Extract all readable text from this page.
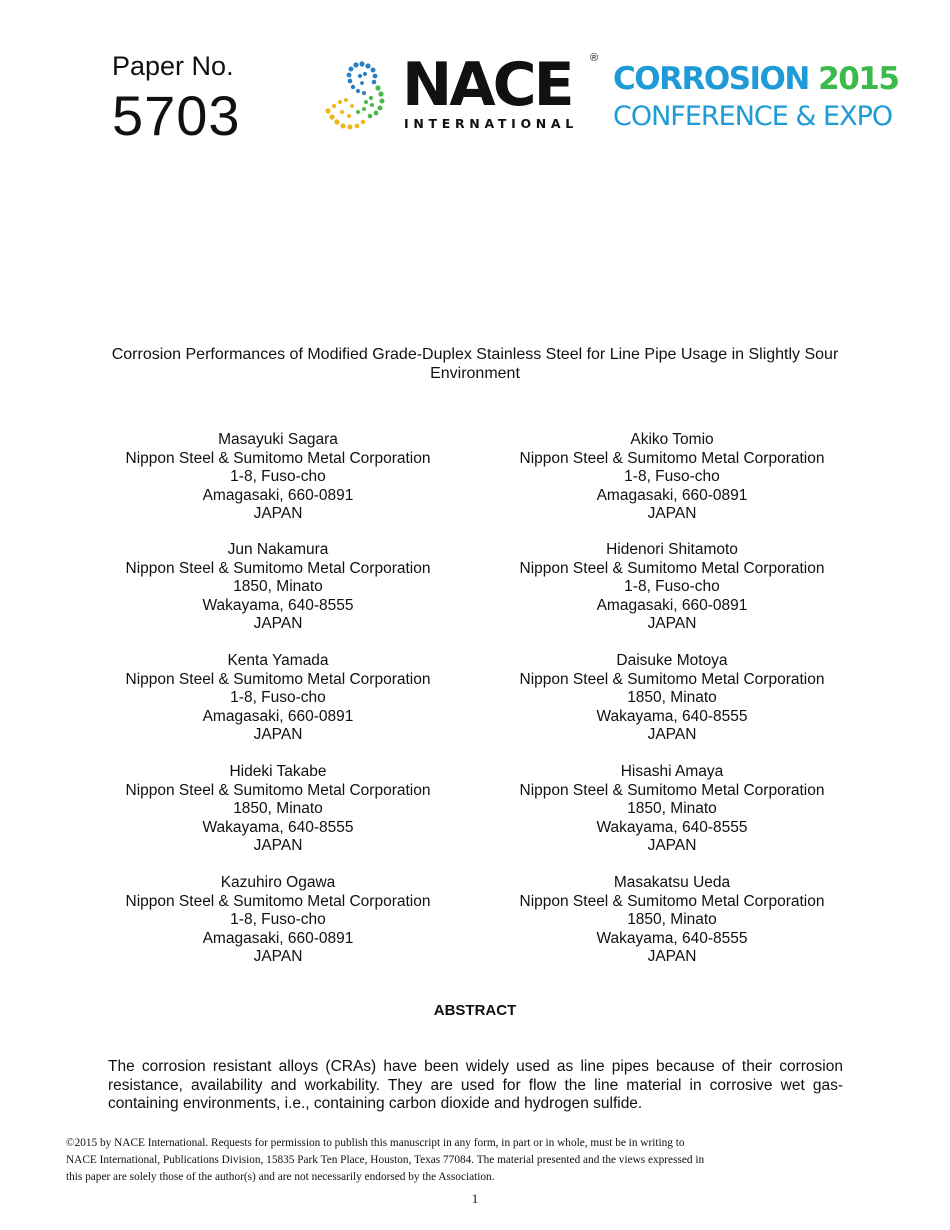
Paper No.
5703	NACE ®
INTERNATIONAL
CORROSION 2015
CONFERENCE & EXPO
Corrosion Performances of Modified Grade-Duplex Stainless Steel for Line Pipe Usage in Slightly Sour Environment
Masayuki Sagara
Nippon Steel & Sumitomo Metal Corporation
1-8, Fuso-cho
Amagasaki, 660-0891
JAPAN
Akiko Tomio
Nippon Steel & Sumitomo Metal Corporation
1-8, Fuso-cho
Amagasaki, 660-0891
JAPAN
Jun Nakamura
Nippon Steel & Sumitomo Metal Corporation
1850, Minato
Wakayama, 640-8555
JAPAN
Hidenori Shitamoto
Nippon Steel & Sumitomo Metal Corporation
1-8, Fuso-cho
Amagasaki, 660-0891
JAPAN
Kenta Yamada
Nippon Steel & Sumitomo Metal Corporation
1-8, Fuso-cho
Amagasaki, 660-0891
JAPAN
Daisuke Motoya
Nippon Steel & Sumitomo Metal Corporation
1850, Minato
Wakayama, 640-8555
JAPAN
Hideki Takabe
Nippon Steel & Sumitomo Metal Corporation
1850, Minato
Wakayama, 640-8555
JAPAN
Hisashi Amaya
Nippon Steel & Sumitomo Metal Corporation
1850, Minato
Wakayama, 640-8555
JAPAN
Kazuhiro Ogawa
Nippon Steel & Sumitomo Metal Corporation
1-8, Fuso-cho
Amagasaki, 660-0891
JAPAN
Masakatsu Ueda
Nippon Steel & Sumitomo Metal Corporation
1850, Minato
Wakayama, 640-8555
JAPAN
ABSTRACT
The corrosion resistant alloys (CRAs) have been widely used as line pipes because of their corrosion resistance, availability and workability. They are used for flow the line material in corrosive wet gas-containing environments, i.e., containing carbon dioxide and hydrogen sulfide.
©2015 by NACE International. Requests for permission to publish this manuscript in any form, in part or in whole, must be in writing to
NACE International, Publications Division, 15835 Park Ten Place, Houston, Texas 77084. The material presented and the views expressed in
this paper are solely those of the author(s) and are not necessarily endorsed by the Association.
1
